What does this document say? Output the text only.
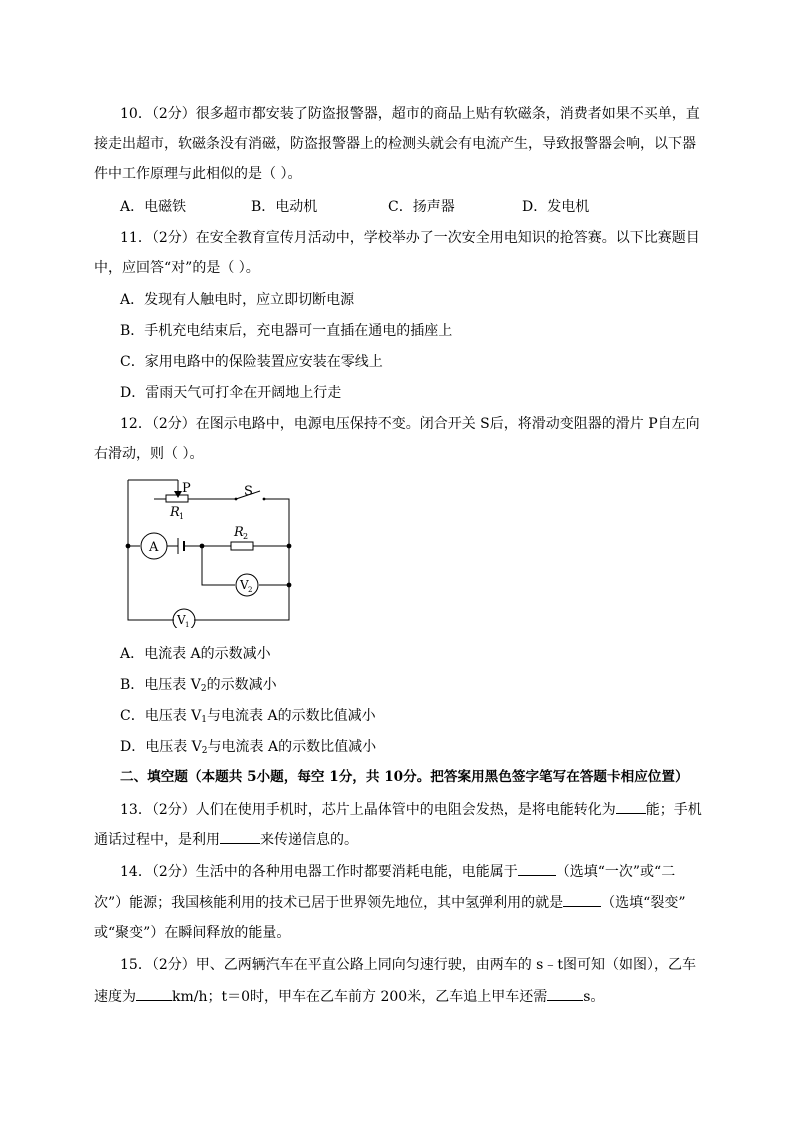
10．（2分）很多超市都安装了防盗报警器，超市的商品上贴有软磁条，消费者如果不买单，直
接走出超市，软磁条没有消磁，防盗报警器上的检测头就会有电流产生，导致报警器会响，以下器
件中工作原理与此相似的是（ ）。
A．电磁铁	B．电动机	C．扬声器	D．发电机
11．（2分）在安全教育宣传月活动中，学校举办了一次安全用电知识的抢答赛。以下比赛题目
中，应回答“对”的是（ ）。
A．发现有人触电时，应立即切断电源
B．手机充电结束后，充电器可一直插在通电的插座上
C．家用电路中的保险装置应安装在零线上
D．雷雨天气可打伞在开阔地上行走
12．（2分）在图示电路中，电源电压保持不变。闭合开关 S后，将滑动变阻器的滑片 P自左向
右滑动，则（ ）。
P	S
R 1
R 2
A
V 2
V 1
A．电流表 A的示数减小
B．电压表 $V_2$的示数减小
C．电压表 $V_1$与电流表 A的示数比值减小
D．电压表 $V_2$与电流表 A的示数比值减小
二、填空题（本题共 5小题，每空 1分，共 10分。把答案用黑色签字笔写在答题卡相应位置）
13．（2分）人们在使用手机时，芯片上晶体管中的电阻会发热，是将电能转化为 能；手机
通话过程中，是利用	来传递信息的。
14．（2分）生活中的各种用电器工作时都要消耗电能，电能属于	（选填“一次”或“二
次”）能源；我国核能利用的技术已居于世界领先地位，其中氢弹利用的就是	（选填“裂变”
或“聚变”）在瞬间释放的能量。
15．（2分）甲、乙两辆汽车在平直公路上同向匀速行驶，由两车的 s﹣t图可知（如图），乙车
速度为	km/h；t＝0时，甲车在乙车前方 200米，乙车追上甲车还需	s。
